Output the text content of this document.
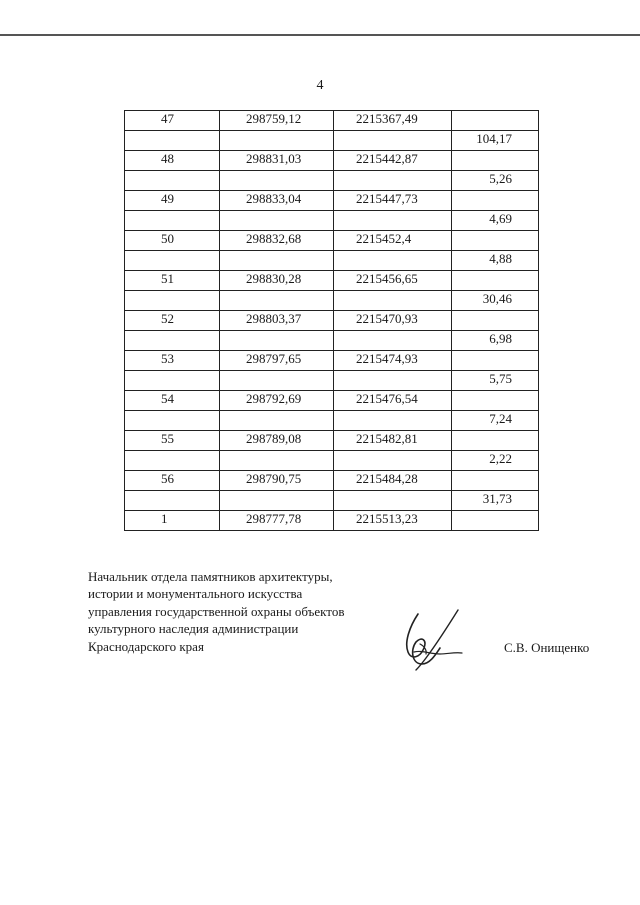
4
47	298759,12	2215367,49	
			104,17
48	298831,03	2215442,87	
			5,26
49	298833,04	2215447,73	
			4,69
50	298832,68	2215452,4	
			4,88
51	298830,28	2215456,65	
			30,46
52	298803,37	2215470,93	
			6,98
53	298797,65	2215474,93	
			5,75
54	298792,69	2215476,54	
			7,24
55	298789,08	2215482,81	
			2,22
56	298790,75	2215484,28	
			31,73
1	298777,78	2215513,23	
Начальник отдела памятников архитектуры,
истории и монументального искусства
управления государственной охраны объектов
культурного наследия администрации
Краснодарского края	С.В. Онищенко
